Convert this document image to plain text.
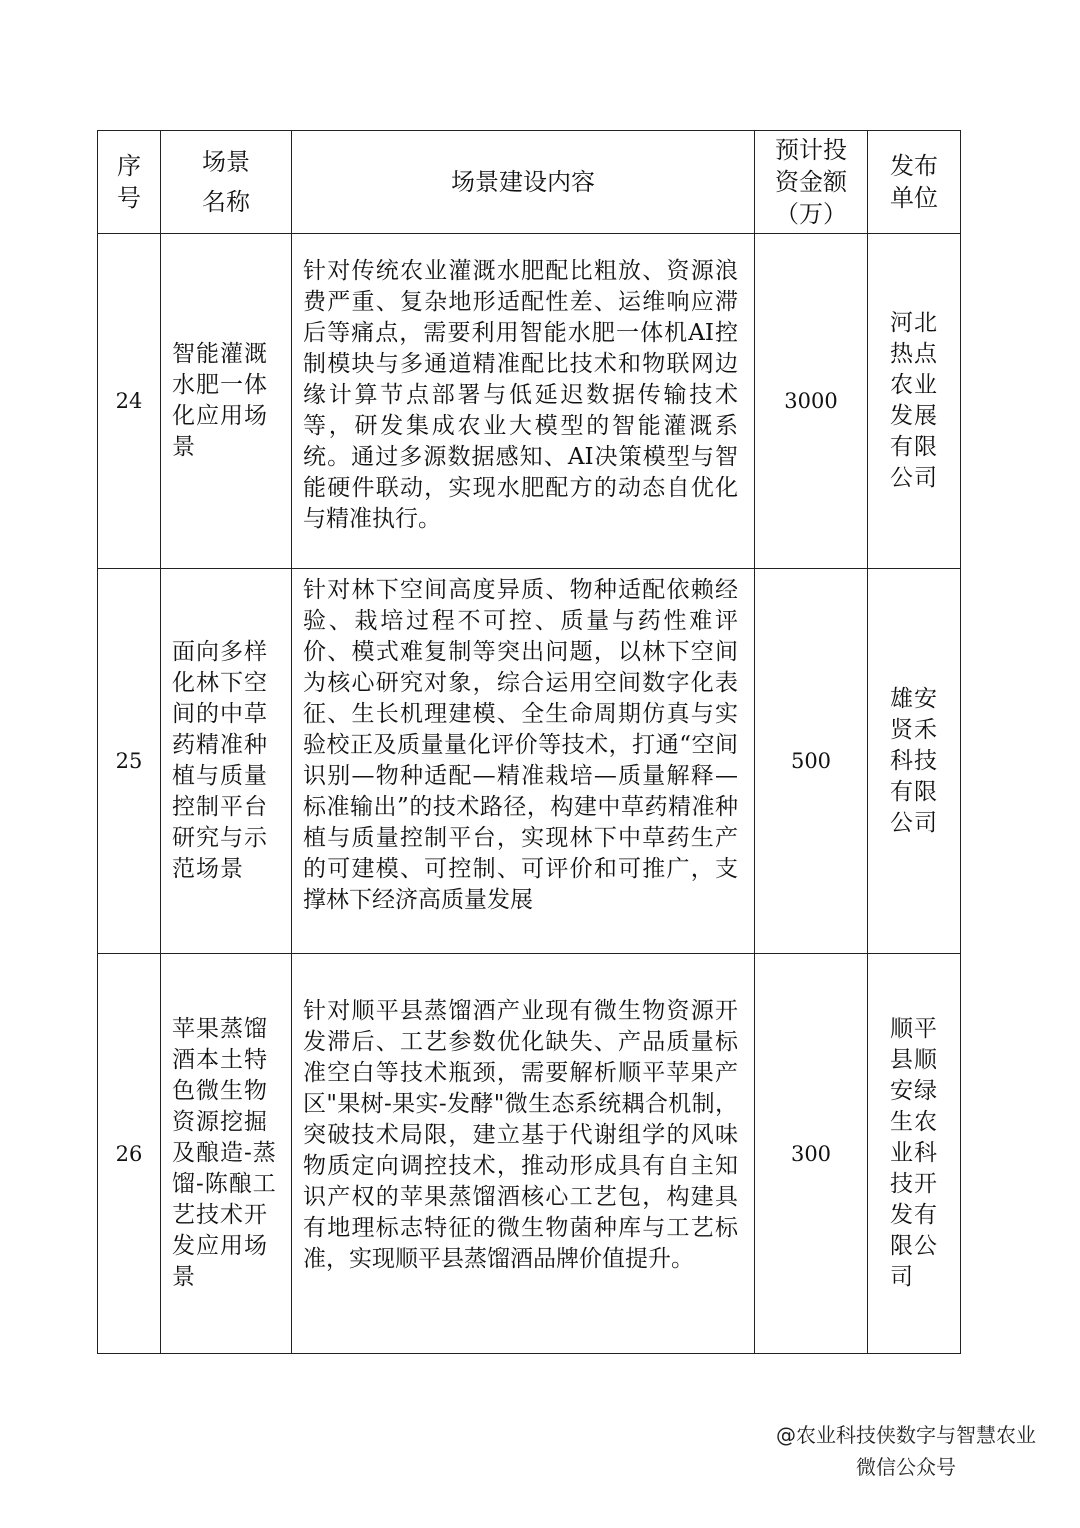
序号	场景名称	场景建设内容	预计投资金额（万）	发布单位

24	智能灌溉水肥一体化应用场景	针对传统农业灌溉水肥配比粗放、资源浪费严重、复杂地形适配性差、运维响应滞后等痛点，需要利用智能水肥一体机AI控制模块与多通道精准配比技术和物联网边缘计算节点部署与低延迟数据传输技术等，研发集成农业大模型的智能灌溉系统。通过多源数据感知、AI决策模型与智能硬件联动，实现水肥配方的动态自优化与精准执行。	3000	河北热点农业发展有限公司

25	面向多样化林下空间的中草药精准种植与质量控制平台研究与示范场景	针对林下空间高度异质、物种适配依赖经验、栽培过程不可控、质量与药性难评价、模式难复制等突出问题，以林下空间为核心研究对象，综合运用空间数字化表征、生长机理建模、全生命周期仿真与实验校正及质量量化评价等技术，打通“空间识别—物种适配—精准栽培—质量解释—标准输出”的技术路径，构建中草药精准种植与质量控制平台，实现林下中草药生产的可建模、可控制、可评价和可推广，支撑林下经济高质量发展	500	雄安贤禾科技有限公司

26	苹果蒸馏酒本土特色微生物资源挖掘及酿造-蒸馏-陈酿工艺技术开发应用场景	针对顺平县蒸馏酒产业现有微生物资源开发滞后、工艺参数优化缺失、产品质量标准空白等技术瓶颈，需要解析顺平苹果产区"果树-果实-发酵"微生态系统耦合机制，突破技术局限，建立基于代谢组学的风味物质定向调控技术，推动形成具有自主知识产权的苹果蒸馏酒核心工艺包，构建具有地理标志特征的微生物菌种库与工艺标准，实现顺平县蒸馏酒品牌价值提升。	300	顺平县顺安绿生农业科技开发有限公司
@农业科技侠数字与智慧农业
微信公众号
